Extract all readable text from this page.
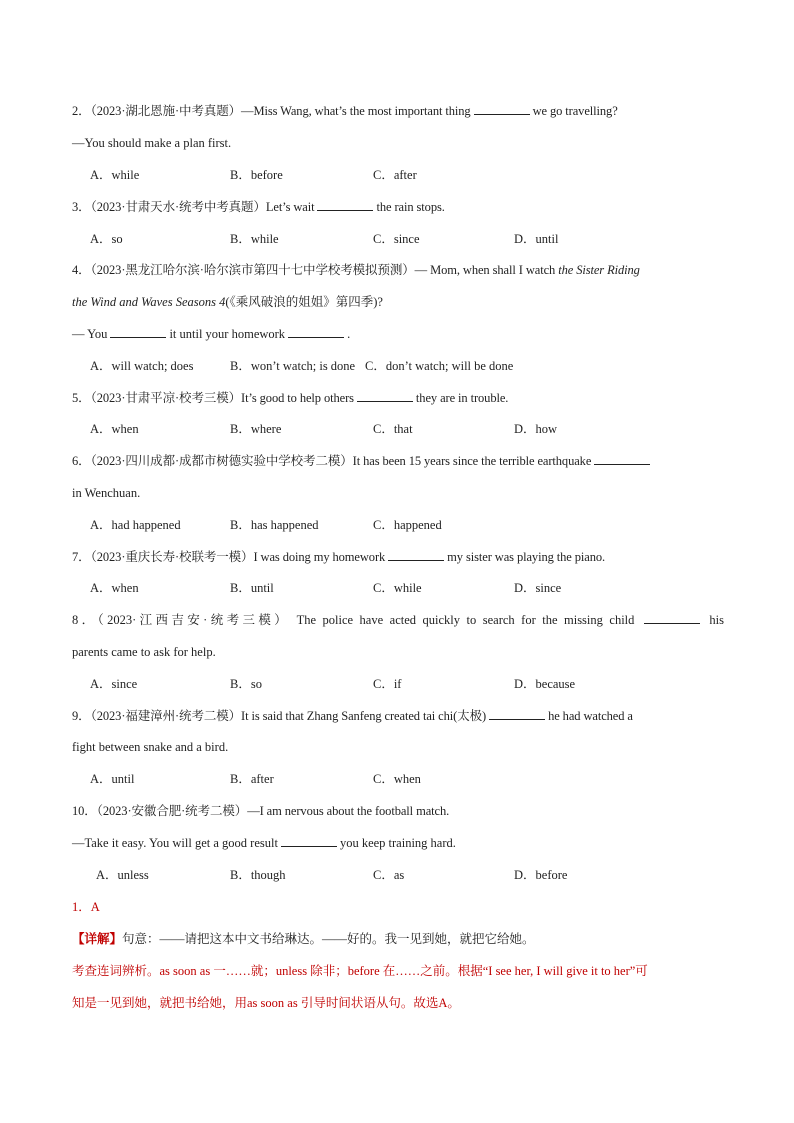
2．（2023·湖北恩施·中考真题）—Miss Wang, what’s the most important thing	we go travelling?
—You should make a plan first.
A．while	B．before	C．after
3．（2023·甘肃天水·统考中考真题）Let’s wait	the rain stops.
A．so	B．while	C．since	D．until
4．（2023·黑龙江哈尔滨·哈尔滨市第四十七中学校考模拟预测）— Mom, when shall I watch the Sister Riding
the Wind and Waves Seasons 4(《乘风破浪的姐姐》第四季)?
— You	it until your homework	.
A．will watch; does	B．won’t watch; is done C．don’t watch; will be done
5．（2023·甘肃平凉·校考三模）It’s good to help others	they are in trouble.
A．when	B．where	C．that	D．how
6．（2023·四川成都·成都市树德实验中学校考二模）It has been 15 years since the terrible earthquake
in Wenchuan.
A．had happened	B．has happened	C．happened
7．（2023·重庆长寿·校联考一模）I was doing my homework	my sister was playing the piano.
A．when	B．until	C．while	D．since
8．（2023·江西吉安·统考三模） The police have acted quickly to search for the missing child	his
parents came to ask for help.
A．since	B．so	C．if	D．because
9．（2023·福建漳州·统考二模）It is said that Zhang Sanfeng created tai chi(太极)	he had watched a
fight between snake and a bird.
A．until	B．after	C．when
10．（2023·安徽合肥·统考二模）—I am nervous about the football match.
—Take it easy. You will get a good result	you keep training hard.
A．unless	B．though	C．as	D．before
1．A
【详解】句意：——请把这本中文书给琳达。——好的。我一见到她，就把它给她。
考查连词辨析。as soon as 一……就；unless 除非；before 在……之前。根据“I see her, I will give it to her”可
知是一见到她，就把书给她，用as soon as 引导时间状语从句。故选A。
